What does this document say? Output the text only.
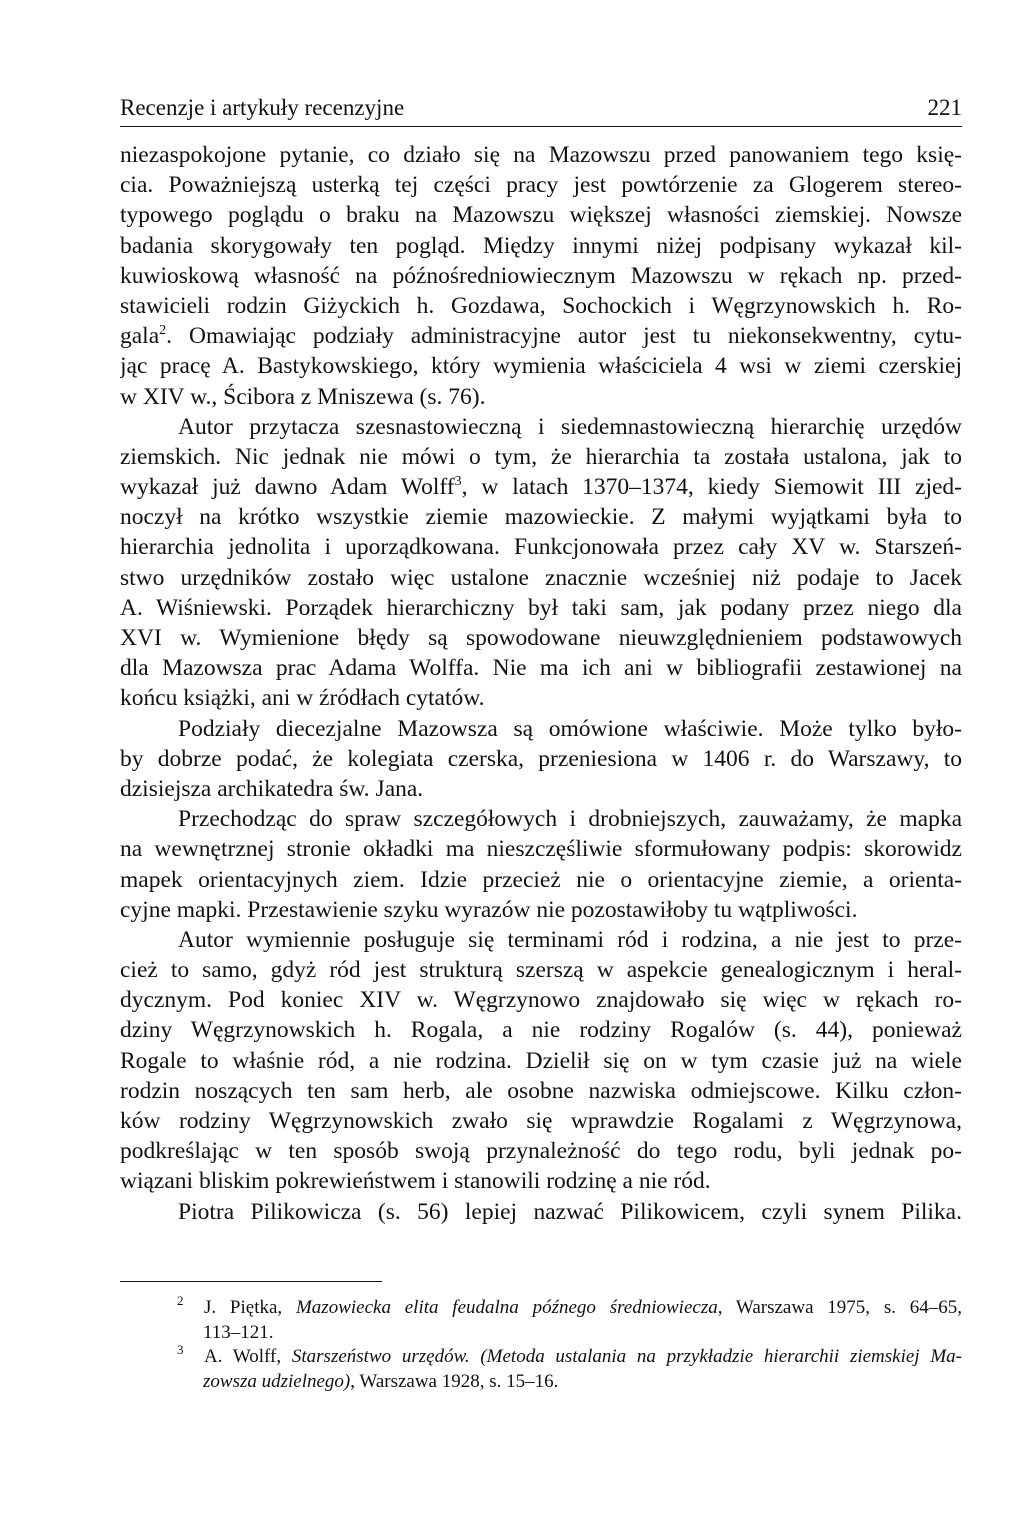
Recenzje i artykuły recenzyjne	221
niezaspokojone pytanie, co działo się na Mazowszu przed panowaniem tego księ-
cia. Poważniejszą usterką tej części pracy jest powtórzenie za Glogerem stereo-
typowego poglądu o braku na Mazowszu większej własności ziemskiej. Nowsze
badania skorygowały ten pogląd. Między innymi niżej podpisany wykazał kil-
kuwioskową własność na późnośredniowiecznym Mazowszu w rękach np. przed-
stawicieli rodzin Giżyckich h. Gozdawa, Sochockich i Węgrzynowskich h. Ro-
gala$^2$. Omawiając podziały administracyjne autor jest tu niekonsekwentny, cytu-
jąc pracę A. Bastykowskiego, który wymienia właściciela 4 wsi w ziemi czerskiej
w XIV w., Ścibora z Mniszewa (s. 76).
Autor przytacza szesnastowieczną i siedemnastowieczną hierarchię urzędów
ziemskich. Nic jednak nie mówi o tym, że hierarchia ta została ustalona, jak to
wykazał już dawno Adam Wolff$^3$, w latach 1370–1374, kiedy Siemowit III zjed-
noczył na krótko wszystkie ziemie mazowieckie. Z małymi wyjątkami była to
hierarchia jednolita i uporządkowana. Funkcjonowała przez cały XV w. Starszeń-
stwo urzędników zostało więc ustalone znacznie wcześniej niż podaje to Jacek
A. Wiśniewski. Porządek hierarchiczny był taki sam, jak podany przez niego dla
XVI w. Wymienione błędy są spowodowane nieuwzględnieniem podstawowych
dla Mazowsza prac Adama Wolffa. Nie ma ich ani w bibliografii zestawionej na
końcu książki, ani w źródłach cytatów.
Podziały diecezjalne Mazowsza są omówione właściwie. Może tylko było-
by dobrze podać, że kolegiata czerska, przeniesiona w 1406 r. do Warszawy, to
dzisiejsza archikatedra św. Jana.
Przechodząc do spraw szczegółowych i drobniejszych, zauważamy, że mapka
na wewnętrznej stronie okładki ma nieszczęśliwie sformułowany podpis: skorowidz
mapek orientacyjnych ziem. Idzie przecież nie o orientacyjne ziemie, a orienta-
cyjne mapki. Przestawienie szyku wyrazów nie pozostawiłoby tu wątpliwości.
Autor wymiennie posługuje się terminami ród i rodzina, a nie jest to prze-
cież to samo, gdyż ród jest strukturą szerszą w aspekcie genealogicznym i heral-
dycznym. Pod koniec XIV w. Węgrzynowo znajdowało się więc w rękach ro-
dziny Węgrzynowskich h. Rogala, a nie rodziny Rogalów (s. 44), ponieważ
Rogale to właśnie ród, a nie rodzina. Dzielił się on w tym czasie już na wiele
rodzin noszących ten sam herb, ale osobne nazwiska odmiejscowe. Kilku człon-
ków rodziny Węgrzynowskich zwało się wprawdzie Rogalami z Węgrzynowa,
podkreślając w ten sposób swoją przynależność do tego rodu, byli jednak po-
wiązani bliskim pokrewieństwem i stanowili rodzinę a nie ród.
Piotra Pilikowicza (s. 56) lepiej nazwać Pilikowicem, czyli synem Pilika.
2 J. Piętka, Mazowiecka elita feudalna późnego średniowiecza, Warszawa 1975, s. 64–65,
113–121.
3 A. Wolff, Starszeństwo urzędów. (Metoda ustalania na przykładzie hierarchii ziemskiej Ma-
zowsza udzielnego), Warszawa 1928, s. 15–16.
